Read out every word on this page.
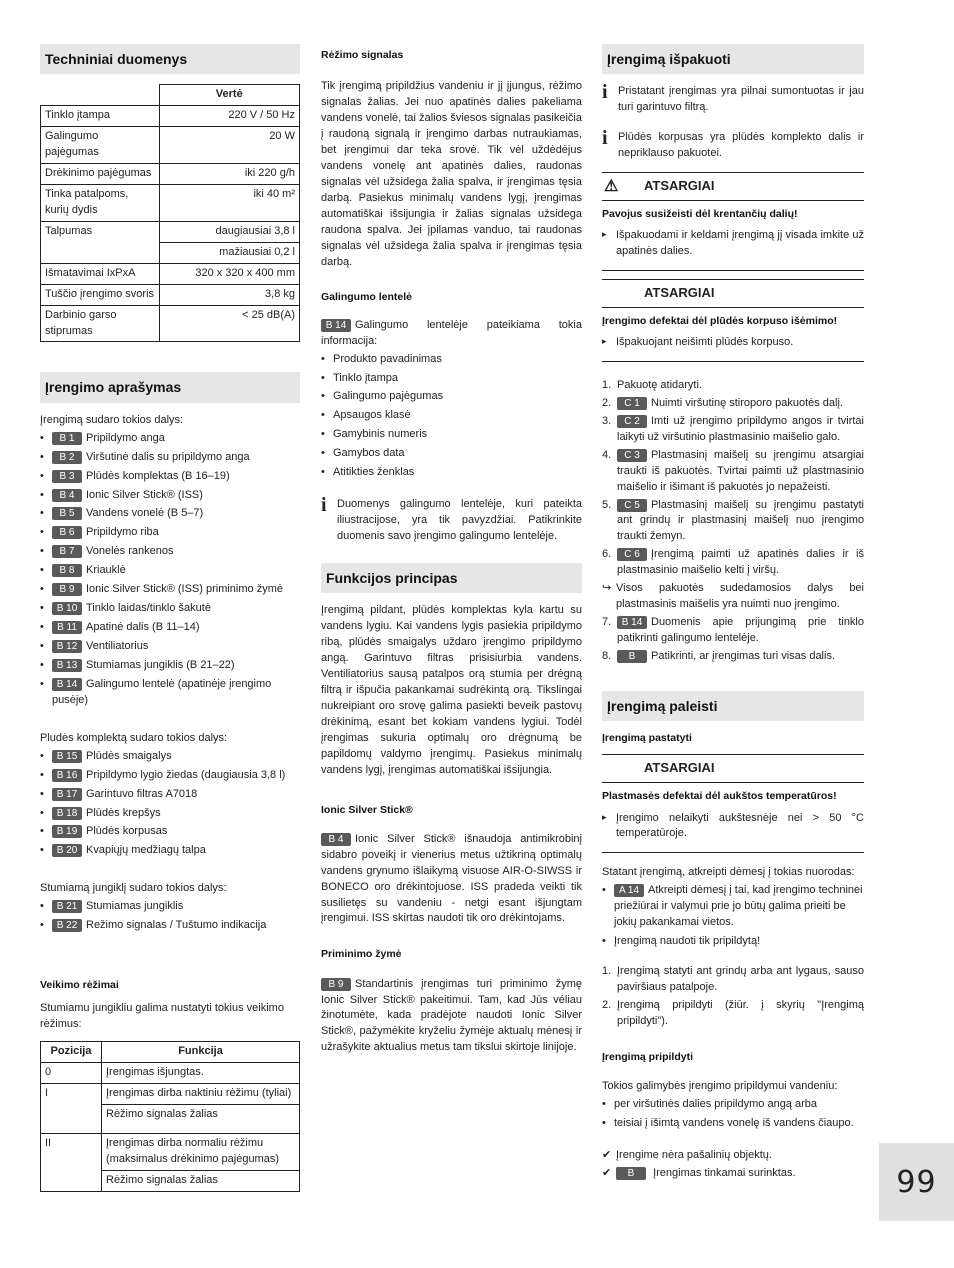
Techniniai duomenys
	Vertė
Tinklo įtampa	220 V / 50 Hz
Galingumo pajėgumas	20 W
Drėkinimo pajėgumas	iki 220 g/h
Tinka patalpoms, kurių dydis	iki 40 m²
Talpumas	daugiausiai 3,8 l
	mažiausiai 0,2 l
Išmatavimai IxPxA	320 x 320 x 400 mm
Tuščio įrengimo svoris	3,8 kg
Darbinio garso stiprumas	< 25 dB(A)
Įrengimo aprašymas

Įrengimą sudaro tokios dalys:

• B 1 Pripildymo anga
• B 2 Viršutinė dalis su pripildymo anga
• B 3 Plūdės komplektas (B 16–19)
• B 4 Ionic Silver Stick® (ISS)
• B 5 Vandens vonelė (B 5–7)
• B 6 Pripildymo riba
• B 7 Vonelės rankenos
• B 8 Kriauklė
• B 9 Ionic Silver Stick® (ISS) priminimo žymė
• B 10 Tinklo laidas/tinklo šakutė
• B 11 Apatinė dalis (B 11–14)
• B 12 Ventiliatorius
• B 13 Stumiamas jungiklis (B 21–22)
• B 14 Galingumo lentelė (apatinėje įrengimo pusėje)

Pludės komplektą sudaro tokios dalys:

• B 15 Plūdės smaigalys
• B 16 Pripildymo lygio žiedas (daugiausia 3,8 l)
• B 17 Garintuvo filtras A7018
• B 18 Plūdės krepšys
• B 19 Plūdės korpusas
• B 20 Kvapiųjų medžiagų talpa

Stumiamą jungiklį sudaro tokios dalys:

• B 21 Stumiamas jungiklis
• B 22 Režimo signalas / Tuštumo indikacija
Veikimo rėžimai

Stumiamu jungikliu galima nustatyti tokius veikimo rėžimus:

Pozicija	Funkcija
0	Įrengimas išjungtas.
I	Įrengimas dirba naktiniu rėžimu (tyliai)
	Rėžimo signalas žalias
II	Įrengimas dirba normaliu rėžimu (maksimalus drėkinimo pajėgumas)
	Rėžimo signalas žalias
Rėžimo signalas

Tik įrengimą pripildžius vandeniu ir jį įjungus, rėžimo signalas žalias. Jei nuo apatinės dalies pakeliama vandens vonelė, tai žalios šviesos signalas pasikeičia į raudoną signalą ir įrengimo darbas nutraukiamas, bet įrengimui dar teka srovė. Tik vėl uždėdėjus vandens vonelę ant apatinės dalies, raudonas signalas vėl užsidega žalia spalva, ir įrengimas tęsia darbą. Pasiekus minimalų vandens lygį, įrengimas automatiškai išsijungia ir žalias signalas užsidega raudona spalva. Jei įpilamas vanduo, tai raudonas signalas vėl užsidega žalia spalva ir įrengimas tęsia darbą.

Galingumo lentelė

B 14 Galingumo lentelėje pateikiama tokia informacija:

• Produkto pavadinimas
• Tinklo įtampa
• Galingumo pajėgumas
• Apsaugos klasė
• Gamybinis numeris
• Gamybos data
• Atitikties ženklas
i Duomenys galingumo lentelėje, kuri pateikta iliustracijose, yra tik pavyzdžiai. Patikrinkite duomenis savo įrengimo galingumo lentelėje.
Funkcijos principas

Įrengimą pildant, plūdės komplektas kyla kartu su vandens lygiu. Kai vandens lygis pasiekia pripildymo ribą, plūdės smaigalys uždaro įrengimo pripildymo angą. Garintuvo filtras prisisiurbia vandens. Ventiliatorius sausą patalpos orą stumia per drėgną filtrą ir išpučia pakankamai sudrėkintą orą. Tikslingai nukreipiant oro srovę galima pasiekti beveik pastovų drėkinimą, esant bet kokiam vandens lygiui. Todėl įrengimas sukuria optimalų oro drėgnumą be papildomų valdymo įrengimų. Pasiekus minimalų vandens lygį, įrengimas automatiškai išsijungia.

Ionic Silver Stick®

B 4 Ionic Silver Stick® išnaudoja antimikrobinį sidabro poveikį ir vienerius metus užtikriną optimalų vandens grynumo išlaikymą visuose AIR-O-SIWSS ir BONECO oro drėkintojuose. ISS pradeda veikti tik susilietęs su vandeniu - netgi esant išjungtam įrengimui. ISS skirtas naudoti tik oro drėkintojams.

Priminimo žymė

B 9 Standartinis įrengimas turi priminimo žymę Ionic Silver Stick® pakeitimui. Tam, kad Jūs véliau žinotumėte, kada pradėjote naudoti Ionic Silver Stick®, pažymėkite kryželiu žymėje aktualų mėnesį ir užrašykite aktualius metus tam tikslui skirtoje linijoje.

Įrengimą išpakuoti
i Pristatant įrengimas yra pilnai sumontuotas ir jau turi garintuvo filtrą.
i Plūdės korpusas yra plūdės komplekto dalis ir nepriklauso pakuotei.
⚠ ATSARGIAI
Pavojus susižeisti dėl krentančių dalių!
▸ Išpakuodami ir keldami įrengimą jį visada imkite už apatinės dalies.
ATSARGIAI
Įrengimo defektai dėl plūdės korpuso išėmimo!
▸ Išpakuojant neišimti plūdės korpuso.
1. Pakuotę atidaryti.
2. C 1 Nuimti viršutinę stiroporo pakuotės dalį.
3. C 2 Imti už įrengimo pripildymo angos ir tvirtai laikyti už viršutinio plastmasinio maišelio galo.
4. C 3 Plastmasinį maišelį su įrengimu atsargiai traukti iš pakuotės. Tvirtai paimti už plastmasinio maišelio ir išimant iš pakuotės jo nepažeisti.
5. C 5 Plastmasinį maišelį su įrengimu pastatyti ant grindų ir plastmasinį maišelį nuo įrengimo traukti žemyn.
6. C 6 Įrengimą paimti už apatinės dalies ir iš plastmasinio maišelio kelti į viršų.
↪ Visos pakuotės sudedamosios dalys bei plastmasinis maišelis yra nuimti nuo įrengimo.
7. B 14 Duomenis apie prijungimą prie tinklo patikrinti galingumo lentelėje.
8. B Patikrinti, ar įrengimas turi visas dalis.
Įrengimą paleisti
Įrengimą pastatyti
ATSARGIAI
Plastmasės defektai dėl aukštos temperatūros!
▸ Įrengimo nelaikyti aukštesnėje nei > 50 °C temperatūroje.

Statant įrengimą, atkreipti dėmesį į tokias nuorodas:

• A 14 Atkreipti dėmesį į tai, kad įrengimo techninei priežiūrai ir valymui prie jo būtų galima prieiti be jokių pakankamai vietos.
• Įrengimą naudoti tik pripildytą!
1. Įrengimą statyti ant grindų arba ant lygaus, sauso paviršiaus patalpoje.
2. Įrengimą pripildyti (žiūr. į skyrių "Įrengimą pripildyti").
Įrengimą pripildyti

Tokios galimybės įrengimo pripildymui vandeniu:

• per viršutinės dalies pripildymo angą arba
• teisiai į išimtą vandens vonelę iš vandens čiaupo.
✔ Įrengime nėra pašalinių objektų.
✔ B Įrengimas tinkamai surinktas.	99
